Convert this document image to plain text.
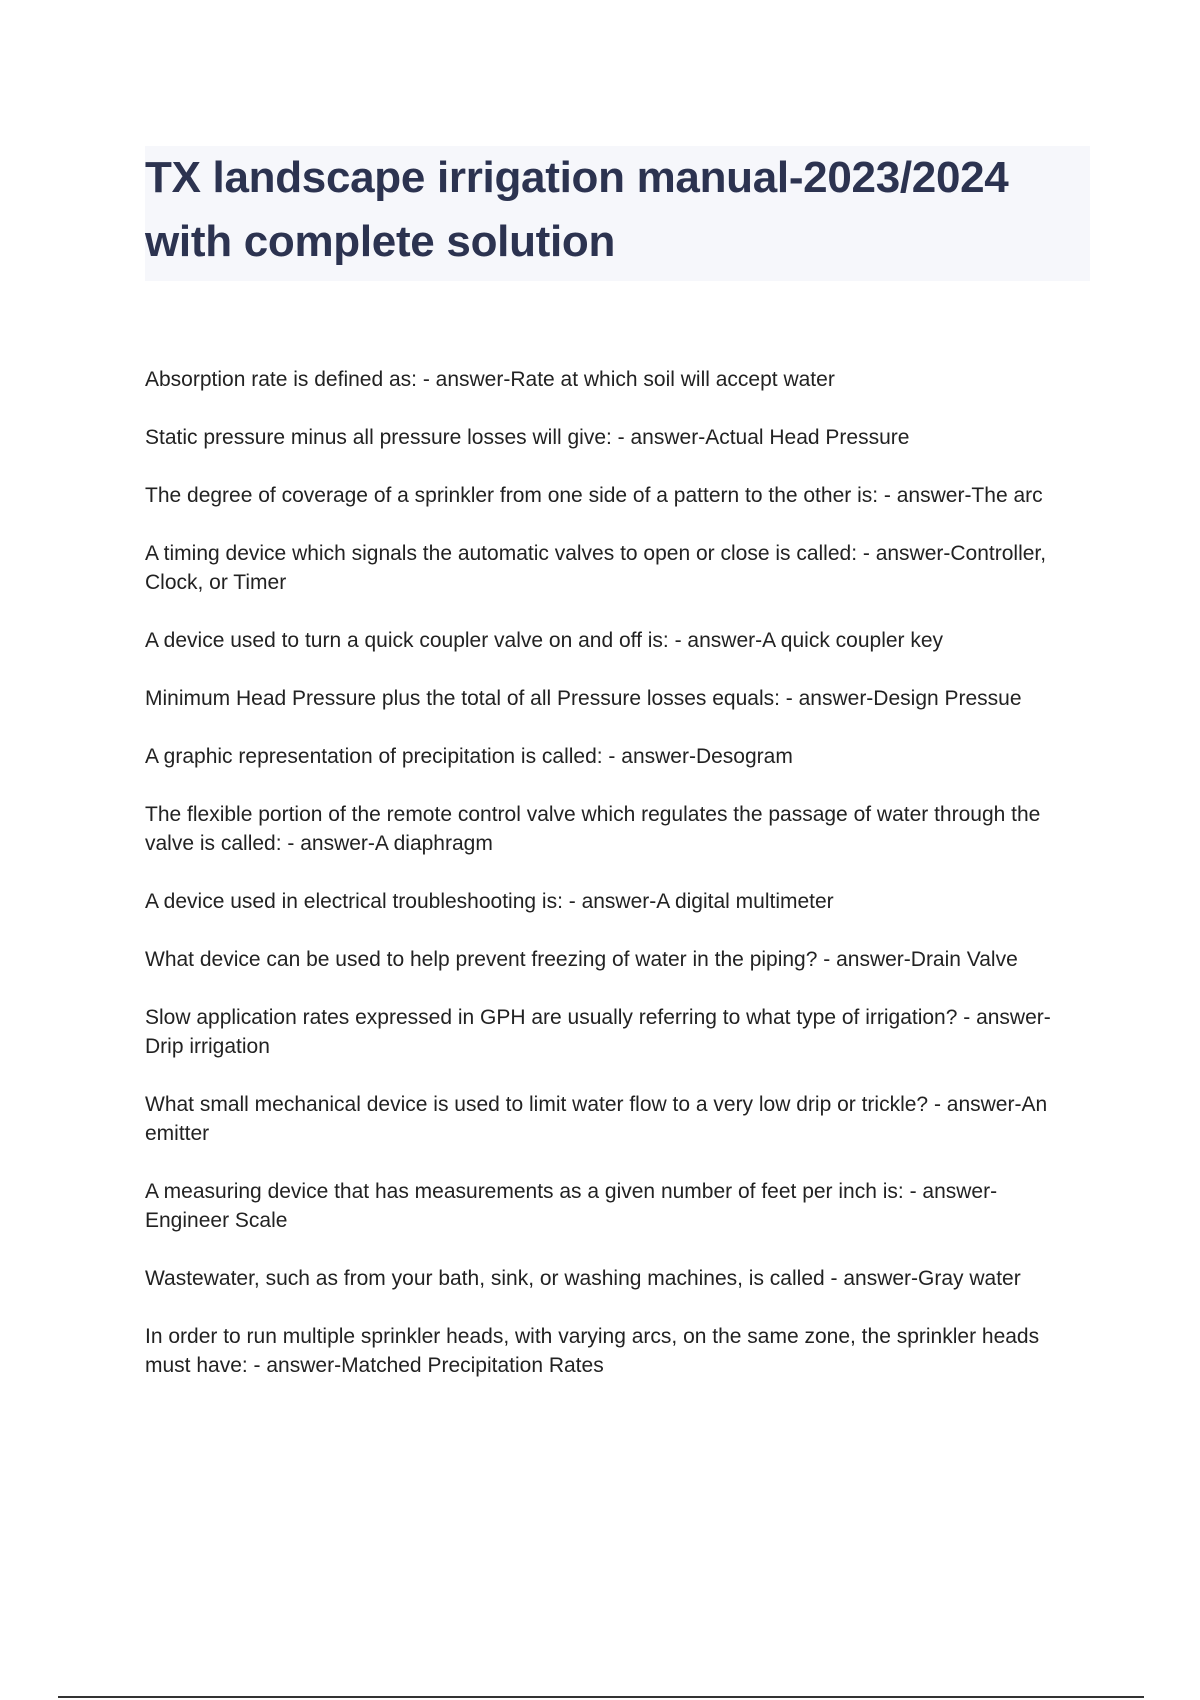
TX landscape irrigation manual-2023/2024
with complete solution
Absorption rate is defined as: - answer-Rate at which soil will accept water
Static pressure minus all pressure losses will give: - answer-Actual Head Pressure
The degree of coverage of a sprinkler from one side of a pattern to the other is: - answer-The arc
A timing device which signals the automatic valves to open or close is called: - answer-Controller, Clock, or Timer
A device used to turn a quick coupler valve on and off is: - answer-A quick coupler key
Minimum Head Pressure plus the total of all Pressure losses equals: - answer-Design Pressue
A graphic representation of precipitation is called: - answer-Desogram
The flexible portion of the remote control valve which regulates the passage of water through the valve is called: - answer-A diaphragm
A device used in electrical troubleshooting is: - answer-A digital multimeter
What device can be used to help prevent freezing of water in the piping? - answer-Drain Valve
Slow application rates expressed in GPH are usually referring to what type of irrigation? - answer-Drip irrigation
What small mechanical device is used to limit water flow to a very low drip or trickle? - answer-An emitter
A measuring device that has measurements as a given number of feet per inch is: - answer-Engineer Scale
Wastewater, such as from your bath, sink, or washing machines, is called - answer-Gray water
In order to run multiple sprinkler heads, with varying arcs, on the same zone, the sprinkler heads must have: - answer-Matched Precipitation Rates
